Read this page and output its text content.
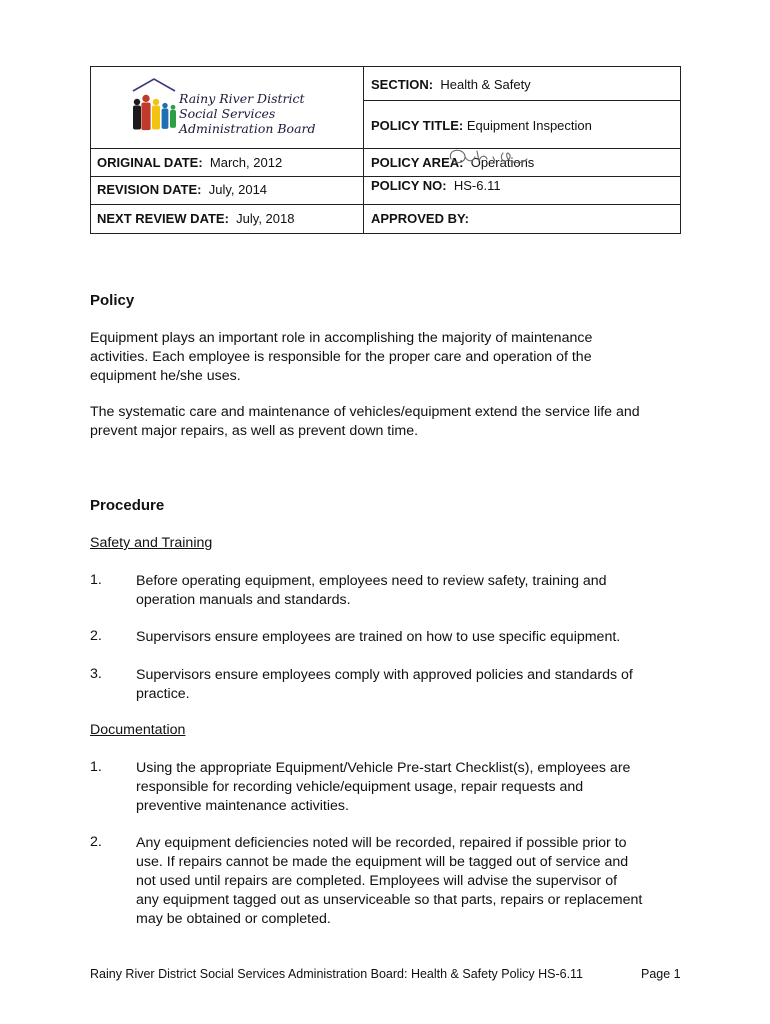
Rainy River District
Social Services
Administration Board
SECTION: Health & Safety
POLICY TITLE: Equipment Inspection
ORIGINAL DATE: March, 2012	POLICY AREA: Operations
REVISION DATE: July, 2014	POLICY NO: HS-6.11
NEXT REVIEW DATE: July, 2018	APPROVED BY:
Policy
Equipment plays an important role in accomplishing the majority of maintenance
activities. Each employee is responsible for the proper care and operation of the
equipment he/she uses.
The systematic care and maintenance of vehicles/equipment extend the service life and
prevent major repairs, as well as prevent down time.
Procedure
Safety and Training
1. Before operating equipment, employees need to review safety, training and
operation manuals and standards.
2. Supervisors ensure employees are trained on how to use specific equipment.
3. Supervisors ensure employees comply with approved policies and standards of
practice.
Documentation
1. Using the appropriate Equipment/Vehicle Pre-start Checklist(s), employees are
responsible for recording vehicle/equipment usage, repair requests and
preventive maintenance activities.
2. Any equipment deficiencies noted will be recorded, repaired if possible prior to
use. If repairs cannot be made the equipment will be tagged out of service and
not used until repairs are completed. Employees will advise the supervisor of
any equipment tagged out as unserviceable so that parts, repairs or replacement
may be obtained or completed.
Rainy River District Social Services Administration Board: Health & Safety Policy HS-6.11	Page 1
